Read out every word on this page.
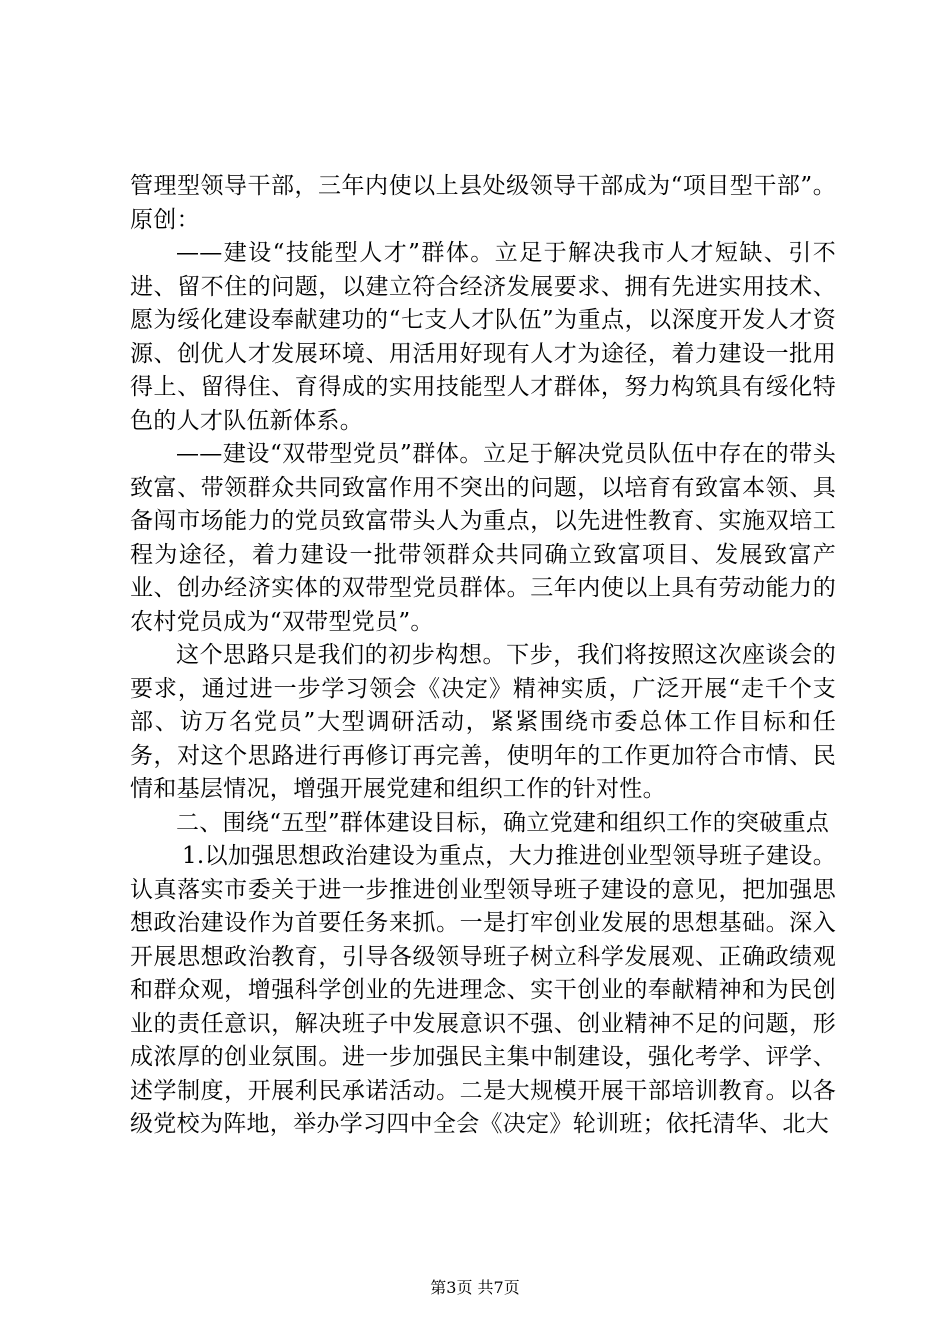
管理型领导干部，三年内使以上县处级领导干部成为“项目型干部”。原创：

——建设“技能型人才”群体。立足于解决我市人才短缺、引不进、留不住的问题，以建立符合经济发展要求、拥有先进实用技术、愿为绥化建设奉献建功的“七支人才队伍”为重点，以深度开发人才资源、创优人才发展环境、用活用好现有人才为途径，着力建设一批用得上、留得住、育得成的实用技能型人才群体，努力构筑具有绥化特色的人才队伍新体系。

——建设“双带型党员”群体。立足于解决党员队伍中存在的带头致富、带领群众共同致富作用不突出的问题，以培育有致富本领、具备闯市场能力的党员致富带头人为重点，以先进性教育、实施双培工程为途径，着力建设一批带领群众共同确立致富项目、发展致富产业、创办经济实体的双带型党员群体。三年内使以上具有劳动能力的农村党员成为“双带型党员”。

这个思路只是我们的初步构想。下步，我们将按照这次座谈会的要求，通过进一步学习领会《决定》精神实质，广泛开展“走千个支部、访万名党员”大型调研活动，紧紧围绕市委总体工作目标和任务，对这个思路进行再修订再完善，使明年的工作更加符合市情、民情和基层情况，增强开展党建和组织工作的针对性。

二、围绕“五型”群体建设目标，确立党建和组织工作的突破重点

1.以加强思想政治建设为重点，大力推进创业型领导班子建设。认真落实市委关于进一步推进创业型领导班子建设的意见，把加强思想政治建设作为首要任务来抓。一是打牢创业发展的思想基础。深入开展思想政治教育，引导各级领导班子树立科学发展观、正确政绩观和群众观，增强科学创业的先进理念、实干创业的奉献精神和为民创业的责任意识，解决班子中发展意识不强、创业精神不足的问题，形成浓厚的创业氛围。进一步加强民主集中制建设，强化考学、评学、述学制度，开展利民承诺活动。二是大规模开展干部培训教育。以各级党校为阵地，举办学习四中全会《决定》轮训班；依托清华、北大

第3页 共7页
